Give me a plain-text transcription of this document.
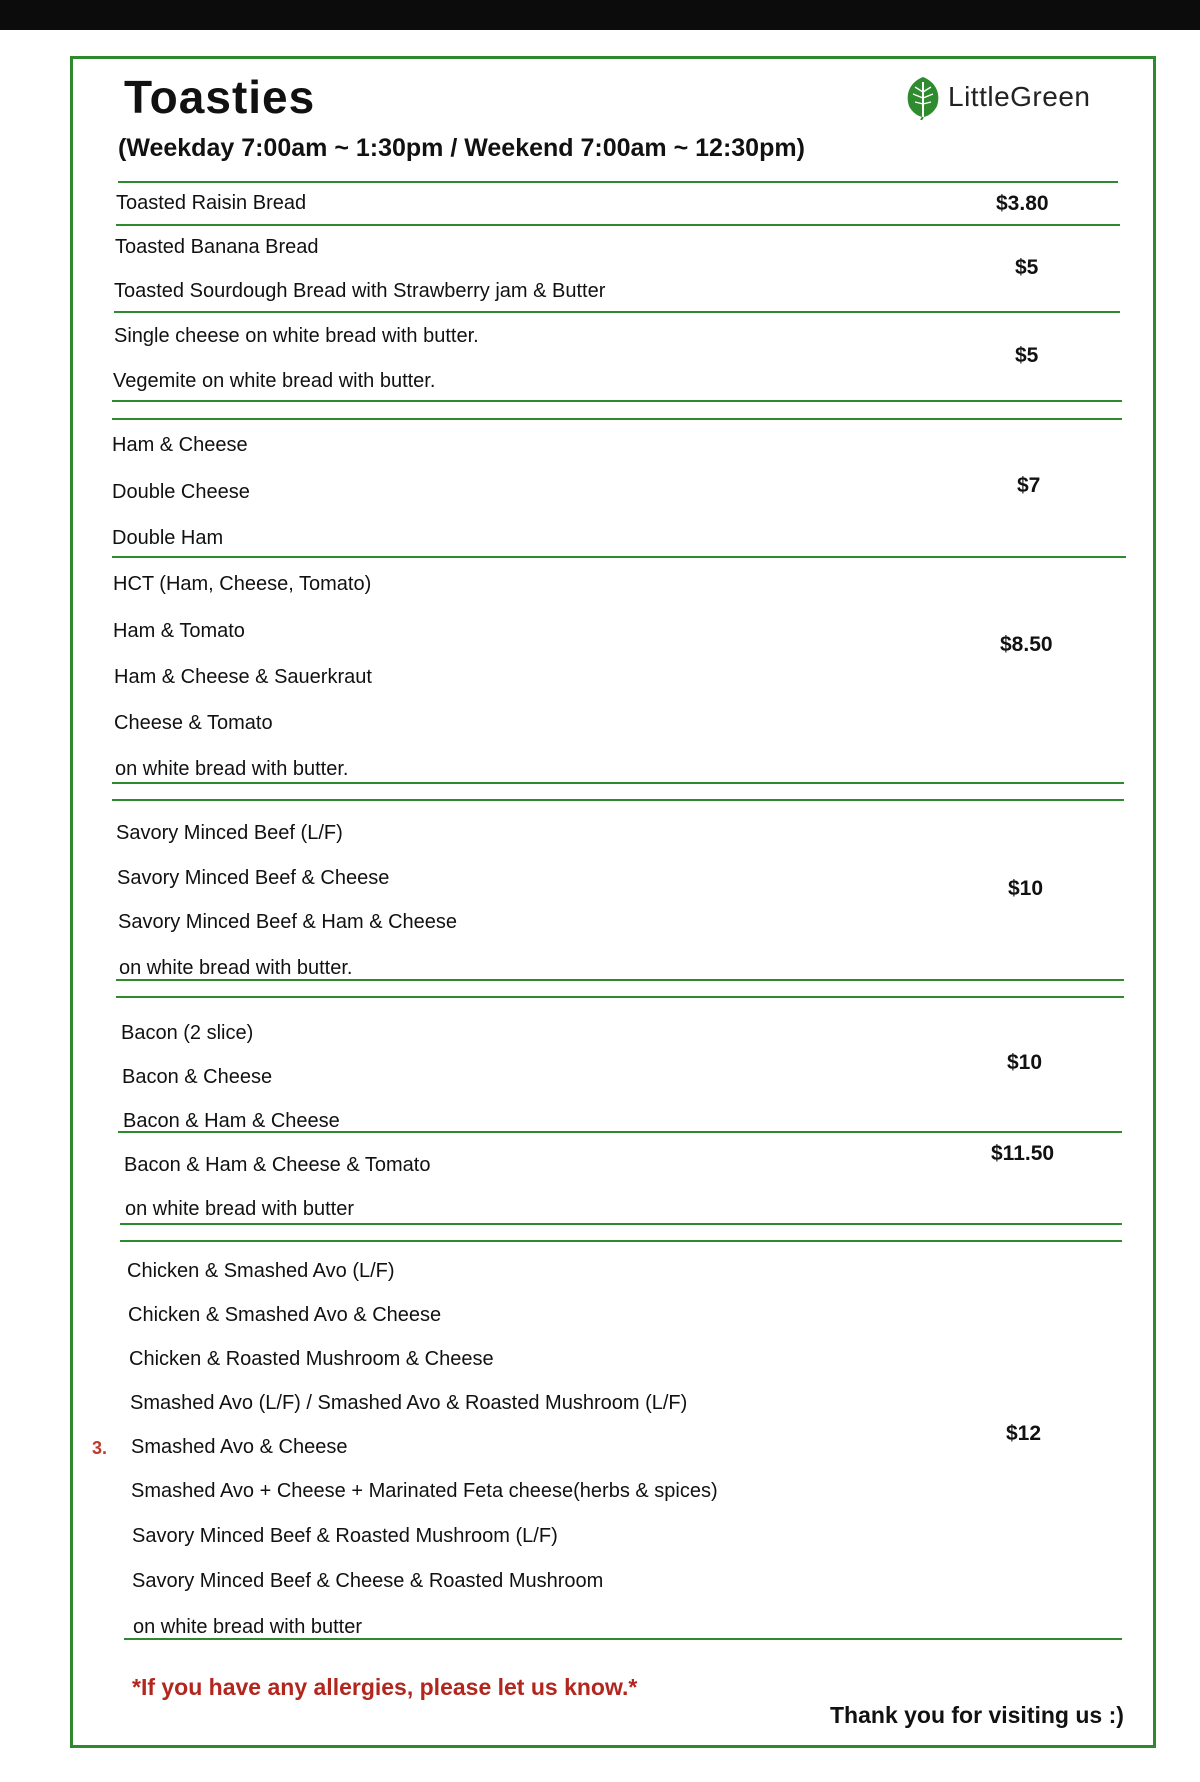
Toasties
(Weekday 7:00am ~ 1:30pm / Weekend 7:00am ~ 12:30pm)
LittleGreen
Toasted Raisin Bread	$3.80
Toasted Banana Bread
Toasted Sourdough Bread with Strawberry jam & Butter
$5
Single cheese on white bread with butter.
Vegemite on white bread with butter.
$5
Ham & Cheese
Double Cheese
Double Ham
$7
HCT (Ham, Cheese, Tomato)
Ham & Tomato
Ham & Cheese & Sauerkraut
Cheese & Tomato
on white bread with butter.
$8.50
Savory Minced Beef (L/F)
Savory Minced Beef & Cheese
Savory Minced Beef & Ham & Cheese
on white bread with butter.
$10
Bacon (2 slice)
Bacon & Cheese
Bacon & Ham & Cheese
$10
Bacon & Ham & Cheese & Tomato
on white bread with butter
$11.50
Chicken & Smashed Avo (L/F)
Chicken & Smashed Avo & Cheese
Chicken & Roasted Mushroom & Cheese
Smashed Avo (L/F) / Smashed Avo & Roasted Mushroom (L/F)
Smashed Avo & Cheese
Smashed Avo + Cheese + Marinated Feta cheese(herbs & spices)
Savory Minced Beef & Roasted Mushroom (L/F)
Savory Minced Beef & Cheese & Roasted Mushroom
on white bread with butter
$12
3.
*If you have any allergies, please let us know.*
Thank you for visiting us :)
